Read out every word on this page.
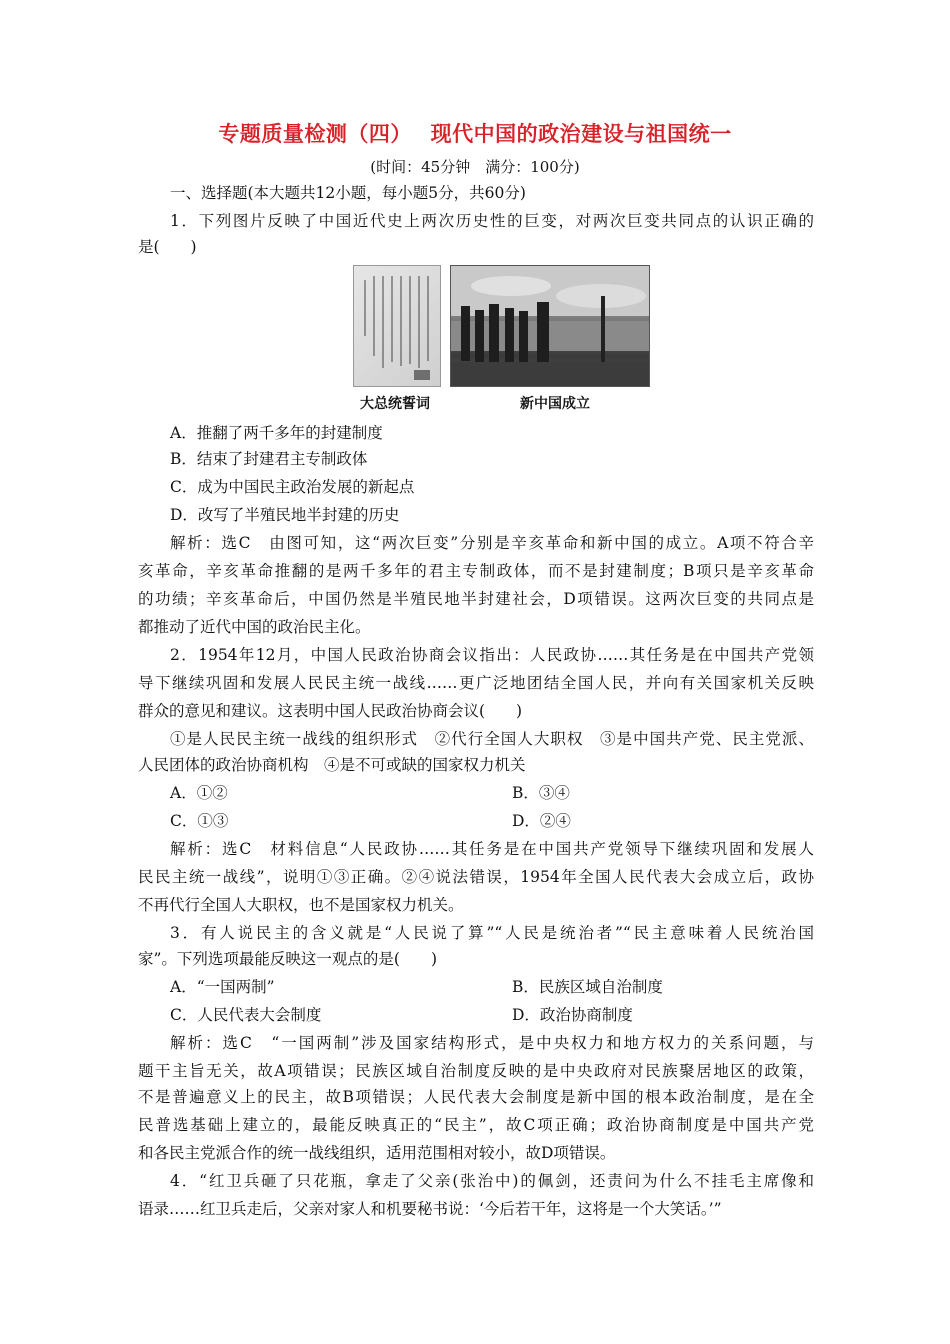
专题质量检测（四）　 现代中国的政治建设与祖国统一
(时间：45分钟　满分：100分)
一、选择题(本大题共12小题，每小题5分，共60分)
1．下列图片反映了中国近代史上两次历史性的巨变，对两次巨变共同点的认识正确的
是(　　)
大总统誓词	新中国成立
A．推翻了两千多年的封建制度
B．结束了封建君主专制政体
C．成为中国民主政治发展的新起点
D．改写了半殖民地半封建的历史
解析：选C　由图可知，这“两次巨变”分别是辛亥革命和新中国的成立。A项不符合辛
亥革命，辛亥革命推翻的是两千多年的君主专制政体，而不是封建制度；B项只是辛亥革命
的功绩；辛亥革命后，中国仍然是半殖民地半封建社会，D项错误。这两次巨变的共同点是
都推动了近代中国的政治民主化。
2．1954年12月，中国人民政治协商会议指出：人民政协……其任务是在中国共产党领
导下继续巩固和发展人民民主统一战线……更广泛地团结全国人民，并向有关国家机关反映
群众的意见和建议。这表明中国人民政治协商会议(　　)
①是人民民主统一战线的组织形式　②代行全国人大职权　③是中国共产党、民主党派、
人民团体的政治协商机构　④是不可或缺的国家权力机关
A．①②	B．③④
C．①③	D．②④
解析：选C　材料信息“人民政协……其任务是在中国共产党领导下继续巩固和发展人
民民主统一战线”，说明①③正确。②④说法错误，1954年全国人民代表大会成立后，政协
不再代行全国人大职权，也不是国家权力机关。
3．有人说民主的含义就是“人民说了算”“人民是统治者”“民主意味着人民统治国
家”。下列选项最能反映这一观点的是(　　)
A．“一国两制”	B．民族区域自治制度
C．人民代表大会制度	D．政治协商制度
解析：选C　“一国两制”涉及国家结构形式，是中央权力和地方权力的关系问题，与
题干主旨无关，故A项错误；民族区域自治制度反映的是中央政府对民族聚居地区的政策，
不是普遍意义上的民主，故B项错误；人民代表大会制度是新中国的根本政治制度，是在全
民普选基础上建立的，最能反映真正的“民主”，故C项正确；政治协商制度是中国共产党
和各民主党派合作的统一战线组织，适用范围相对较小，故D项错误。
4．“红卫兵砸了只花瓶，拿走了父亲(张治中)的佩剑，还责问为什么不挂毛主席像和
语录……红卫兵走后，父亲对家人和机要秘书说：‘今后若干年，这将是一个大笑话。’”
